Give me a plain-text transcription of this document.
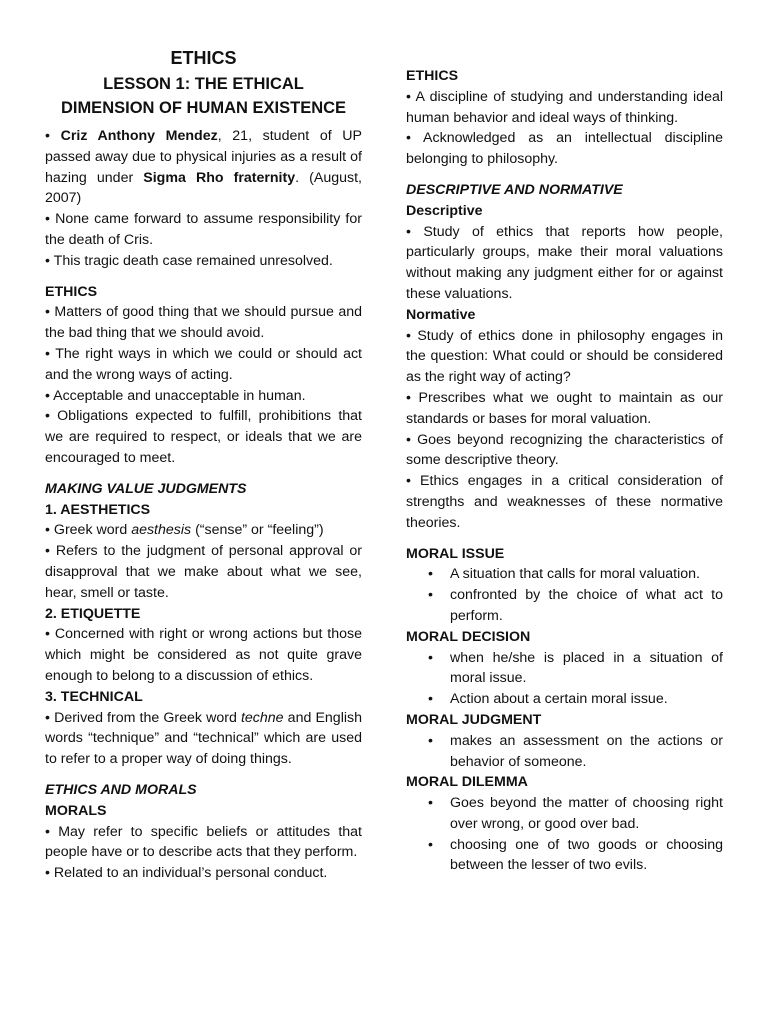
ETHICS

LESSON 1: THE ETHICAL
DIMENSION OF HUMAN EXISTENCE

• Criz Anthony Mendez, 21, student of UP passed away due to physical injuries as a result of hazing under Sigma Rho fraternity. (August, 2007)

• None came forward to assume responsibility for the death of Cris.

• This tragic death case remained unresolved.

ETHICS

• Matters of good thing that we should pursue and the bad thing that we should avoid.

• The right ways in which we could or should act and the wrong ways of acting.

• Acceptable and unacceptable in human.

• Obligations expected to fulfill, prohibitions that we are required to respect, or ideals that we are encouraged to meet.

MAKING VALUE JUDGMENTS

1. AESTHETICS

• Greek word aesthesis (“sense” or “feeling”)

• Refers to the judgment of personal approval or disapproval that we make about what we see, hear, smell or taste.

2. ETIQUETTE

• Concerned with right or wrong actions but those which might be considered as not quite grave enough to belong to a discussion of ethics.

3. TECHNICAL

• Derived from the Greek word techne and English words “technique” and “technical” which are used to refer to a proper way of doing things.

ETHICS AND MORALS

MORALS

• May refer to specific beliefs or attitudes that people have or to describe acts that they perform.

• Related to an individual’s personal conduct.

ETHICS

• A discipline of studying and understanding ideal human behavior and ideal ways of thinking.

• Acknowledged as an intellectual discipline belonging to philosophy.

DESCRIPTIVE AND NORMATIVE

Descriptive

• Study of ethics that reports how people, particularly groups, make their moral valuations without making any judgment either for or against these valuations.

Normative

• Study of ethics done in philosophy engages in the question: What could or should be considered as the right way of acting?

• Prescribes what we ought to maintain as our standards or bases for moral valuation.

• Goes beyond recognizing the characteristics of some descriptive theory.

• Ethics engages in a critical consideration of strengths and weaknesses of these normative theories.

MORAL ISSUE

• A situation that calls for moral valuation.
• confronted by the choice of what act to perform.

MORAL DECISION

• when he/she is placed in a situation of moral issue.
• Action about a certain moral issue.

MORAL JUDGMENT

• makes an assessment on the actions or behavior of someone.

MORAL DILEMMA

• Goes beyond the matter of choosing right over wrong, or good over bad.
• choosing one of two goods or choosing between the lesser of two evils.
